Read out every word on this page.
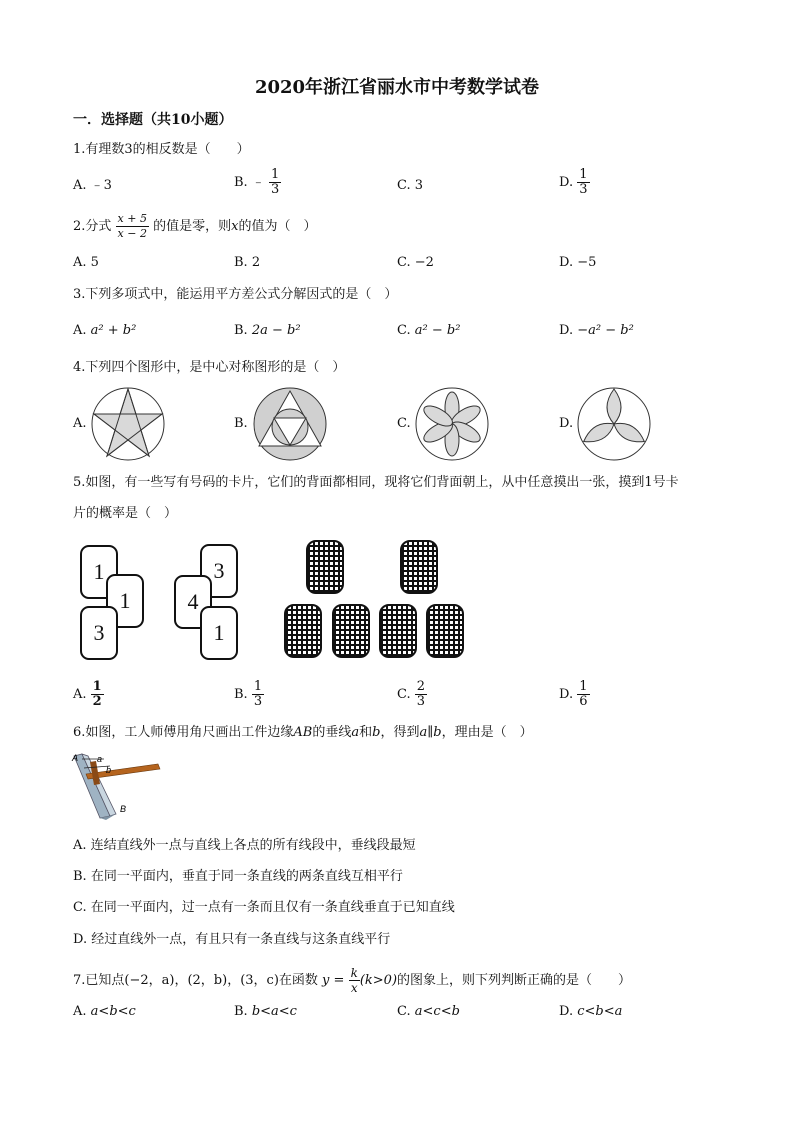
2020年浙江省丽水市中考数学试卷
一．选择题（共10小题）
1.有理数3的相反数是（　　）
A. ﹣3	B. ﹣ $\frac{1}{3}$	C. 3	D. $\frac{1}{3}$
2.分式 $\frac{x + 5}{x - 2}$ 的值是零，则x的值为（　）
A. 5	B. 2	C. −2	D. −5
3.下列多项式中，能运用平方差公式分解因式的是（　）
A. a² + b²	B. 2a − b²	C. a² − b²	D. −a² − b²
4.下列四个图形中，是中心对称图形的是（　）
A.	B.	C.	D.
5.如图，有一些写有号码的卡片，它们的背面都相同，现将它们背面朝上，从中任意摸出一张，摸到1号卡
片的概率是（　）
1
1
3
3
4
1
A. $\frac{1}{2}$	B. $\frac{1}{3}$	C. $\frac{2}{3}$	D. $\frac{1}{6}$
6.如图，工人师傅用角尺画出工件边缘AB的垂线a和b，得到a∥b，理由是（　）
A a
b
B
A. 连结直线外一点与直线上各点的所有线段中，垂线段最短
B. 在同一平面内，垂直于同一条直线的两条直线互相平行
C. 在同一平面内，过一点有一条而且仅有一条直线垂直于已知直线
D. 经过直线外一点，有且只有一条直线与这条直线平行
7.已知点(−2，a)，(2，b)，(3，c)在函数 $y = \frac{k}{x} (k>0)$的图象上，则下列判断正确的是（　　）
A. a<b<c	B. b<a<c	C. a<c<b	D. c<b<a
